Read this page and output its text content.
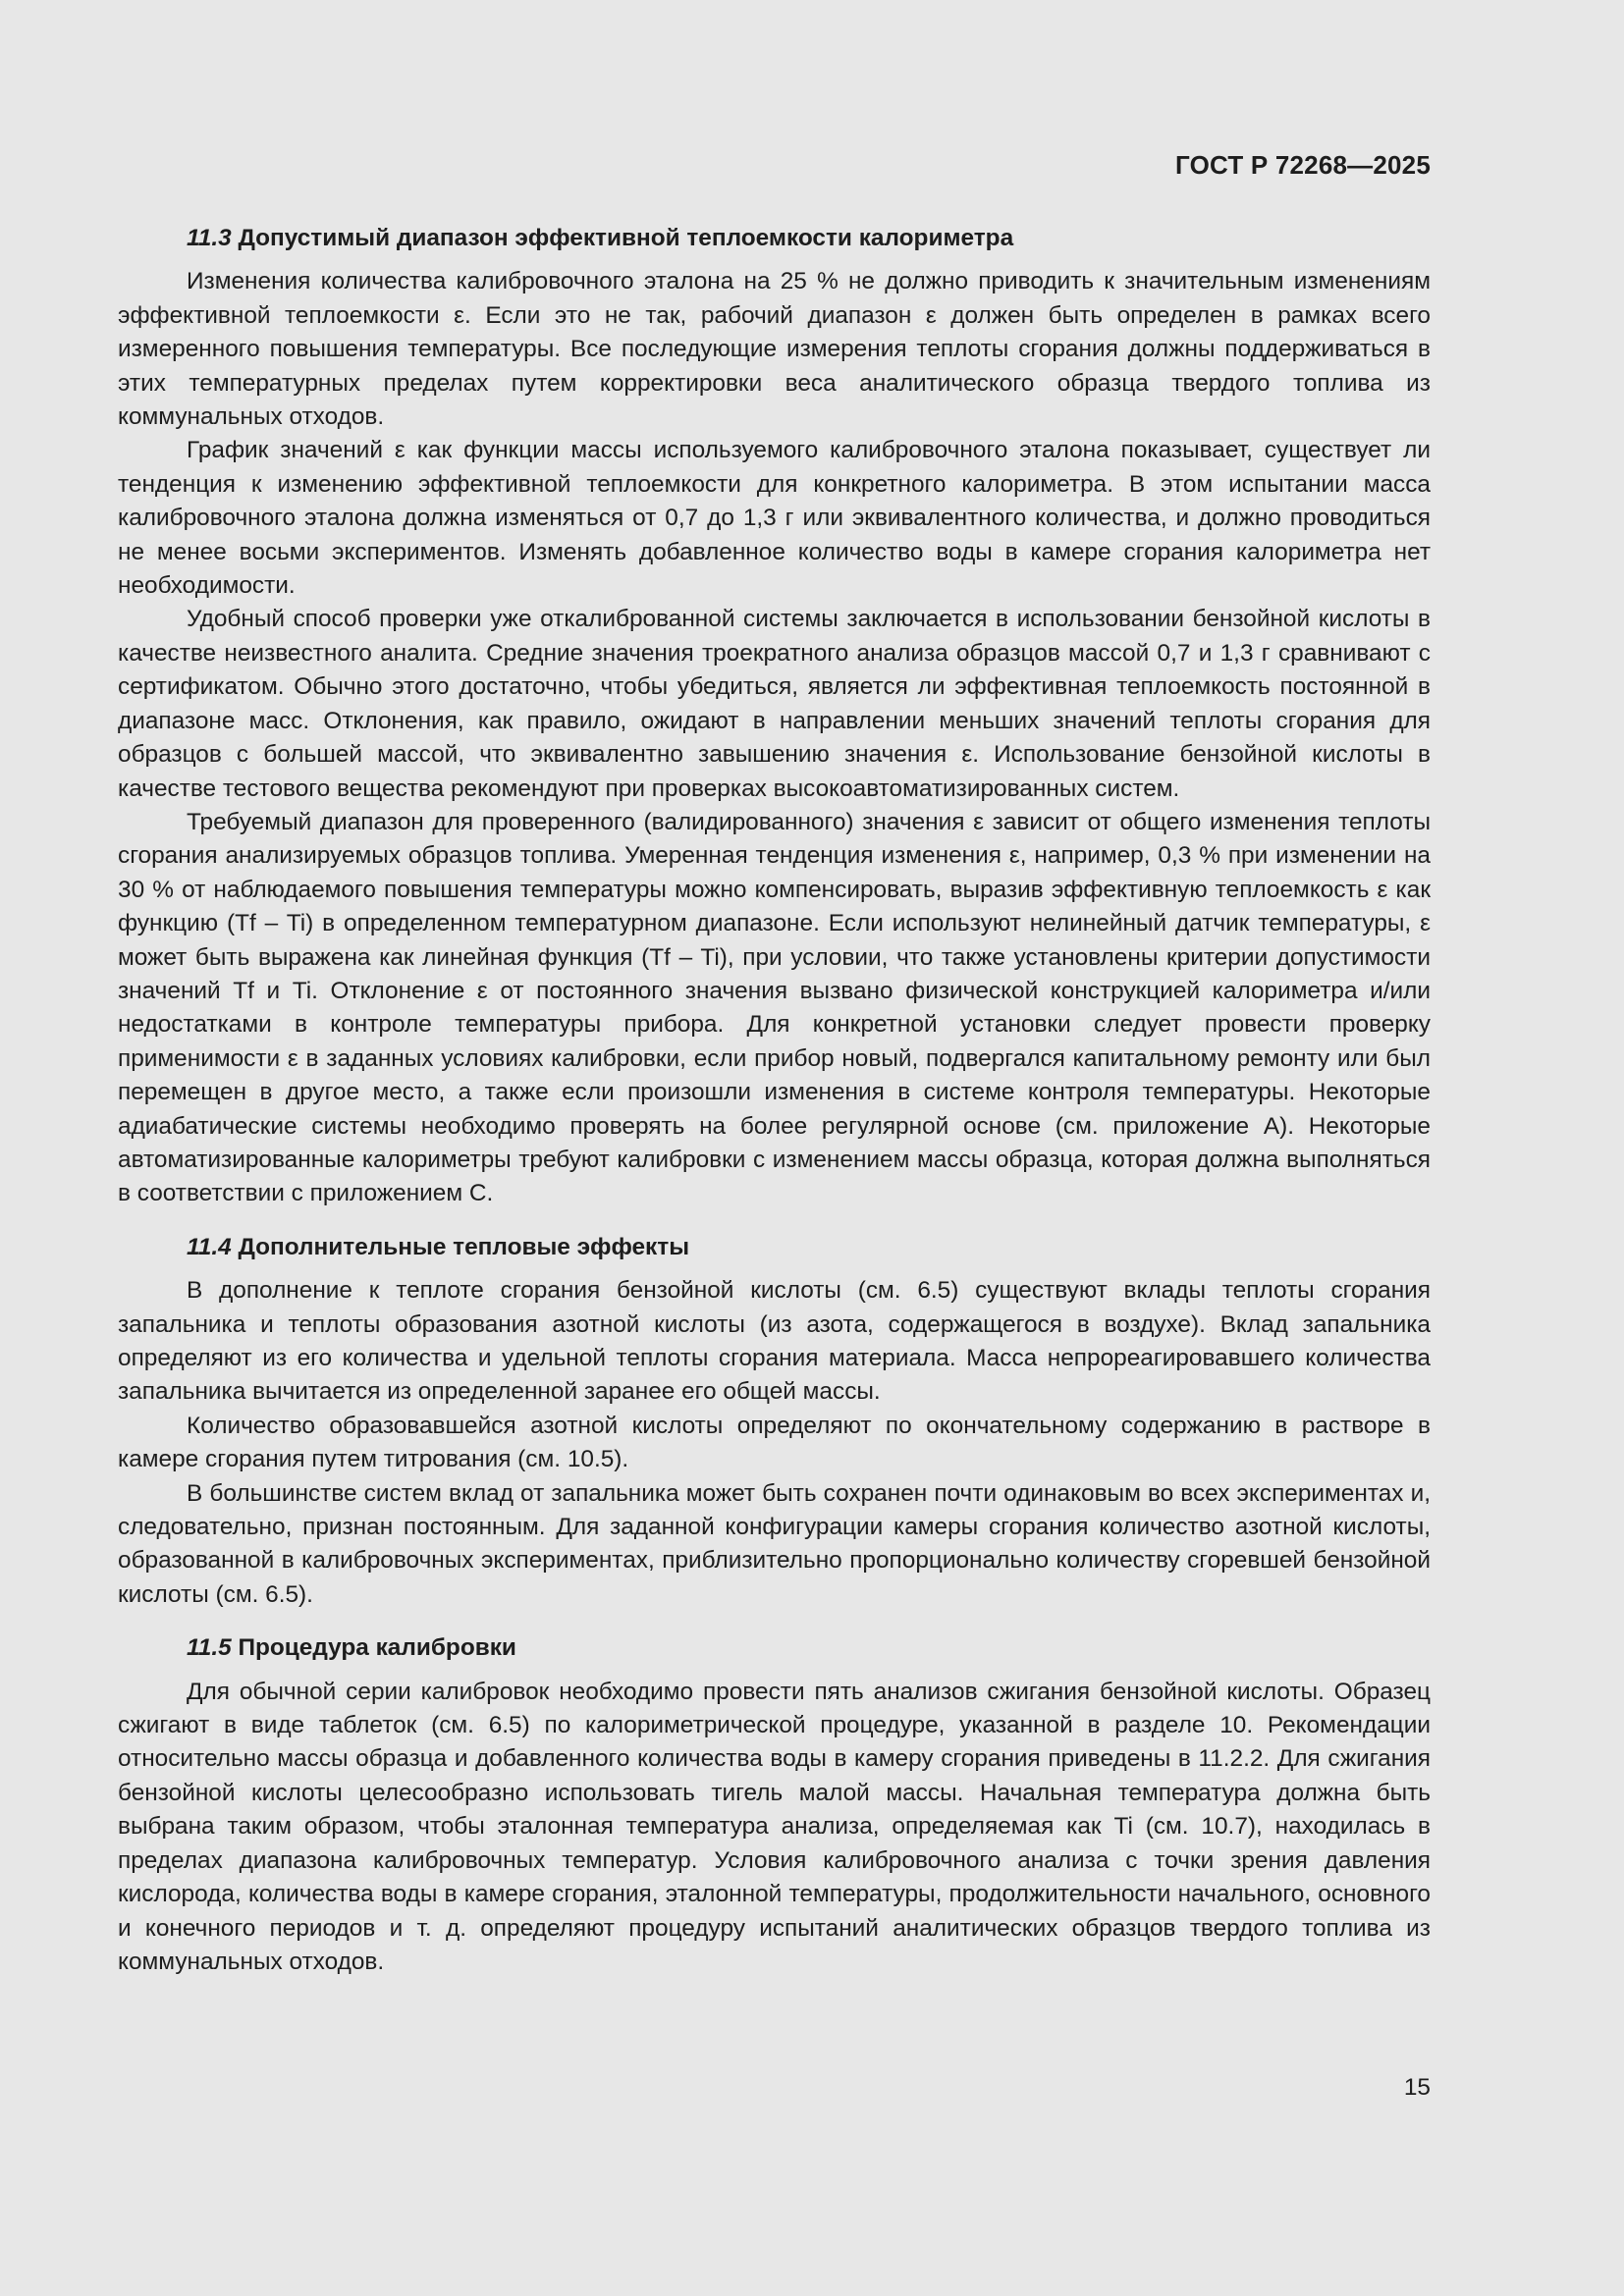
ГОСТ Р 72268—2025
11.3 Допустимый диапазон эффективной теплоемкости калориметра

Изменения количества калибровочного эталона на 25 % не должно приводить к значительным изменениям эффективной теплоемкости ε. Если это не так, рабочий диапазон ε должен быть определен в рамках всего измеренного повышения температуры. Все последующие измерения теплоты сгорания должны поддерживаться в этих температурных пределах путем корректировки веса аналитического образца твердого топлива из коммунальных отходов.

График значений ε как функции массы используемого калибровочного эталона показывает, существует ли тенденция к изменению эффективной теплоемкости для конкретного калориметра. В этом испытании масса калибровочного эталона должна изменяться от 0,7 до 1,3 г или эквивалентного количества, и должно проводиться не менее восьми экспериментов. Изменять добавленное количество воды в камере сгорания калориметра нет необходимости.

Удобный способ проверки уже откалиброванной системы заключается в использовании бензойной кислоты в качестве неизвестного аналита. Средние значения троекратного анализа образцов массой 0,7 и 1,3 г сравнивают с сертификатом. Обычно этого достаточно, чтобы убедиться, является ли эффективная теплоемкость постоянной в диапазоне масс. Отклонения, как правило, ожидают в направлении меньших значений теплоты сгорания для образцов с большей массой, что эквивалентно завышению значения ε. Использование бензойной кислоты в качестве тестового вещества рекомендуют при проверках высокоавтоматизированных систем.

Требуемый диапазон для проверенного (валидированного) значения ε зависит от общего изменения теплоты сгорания анализируемых образцов топлива. Умеренная тенденция изменения ε, например, 0,3 % при изменении на 30 % от наблюдаемого повышения температуры можно компенсировать, выразив эффективную теплоемкость ε как функцию (Tf – Ti) в определенном температурном диапазоне. Если используют нелинейный датчик температуры, ε может быть выражена как линейная функция (Tf – Ti), при условии, что также установлены критерии допустимости значений Tf и Ti. Отклонение ε от постоянного значения вызвано физической конструкцией калориметра и/или недостатками в контроле температуры прибора. Для конкретной установки следует провести проверку применимости ε в заданных условиях калибровки, если прибор новый, подвергался капитальному ремонту или был перемещен в другое место, а также если произошли изменения в системе контроля температуры. Некоторые адиабатические системы необходимо проверять на более регулярной основе (см. приложение А). Некоторые автоматизированные калориметры требуют калибровки с изменением массы образца, которая должна выполняться в соответствии с приложением С.

11.4 Дополнительные тепловые эффекты

В дополнение к теплоте сгорания бензойной кислоты (см. 6.5) существуют вклады теплоты сгорания запальника и теплоты образования азотной кислоты (из азота, содержащегося в воздухе). Вклад запальника определяют из его количества и удельной теплоты сгорания материала. Масса непрореагировавшего количества запальника вычитается из определенной заранее его общей массы.

Количество образовавшейся азотной кислоты определяют по окончательному содержанию в растворе в камере сгорания путем титрования (см. 10.5).

В большинстве систем вклад от запальника может быть сохранен почти одинаковым во всех экспериментах и, следовательно, признан постоянным. Для заданной конфигурации камеры сгорания количество азотной кислоты, образованной в калибровочных экспериментах, приблизительно пропорционально количеству сгоревшей бензойной кислоты (см. 6.5).

11.5 Процедура калибровки

Для обычной серии калибровок необходимо провести пять анализов сжигания бензойной кислоты. Образец сжигают в виде таблеток (см. 6.5) по калориметрической процедуре, указанной в разделе 10. Рекомендации относительно массы образца и добавленного количества воды в камеру сгорания приведены в 11.2.2. Для сжигания бензойной кислоты целесообразно использовать тигель малой массы. Начальная температура должна быть выбрана таким образом, чтобы эталонная температура анализа, определяемая как Ti (см. 10.7), находилась в пределах диапазона калибровочных температур. Условия калибровочного анализа с точки зрения давления кислорода, количества воды в камере сгорания, эталонной температуры, продолжительности начального, основного и конечного периодов и т. д. определяют процедуру испытаний аналитических образцов твердого топлива из коммунальных отходов.

15
